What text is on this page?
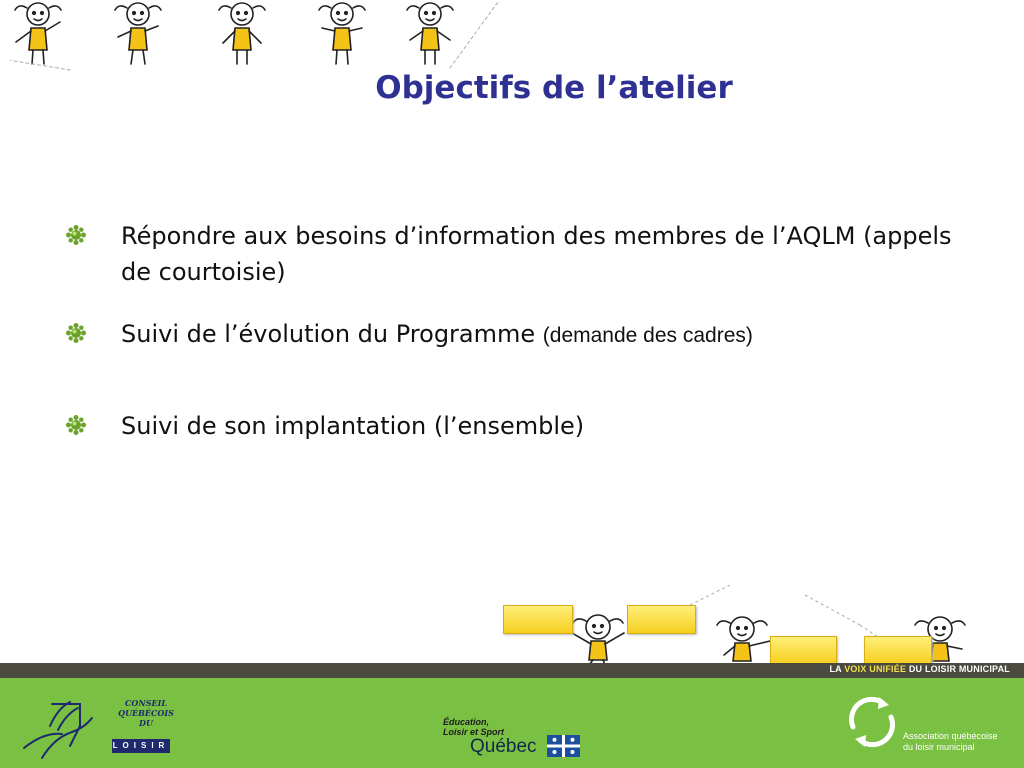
Objectifs de l’atelier
Répondre aux besoins d’information des membres de l’AQLM (appels de courtoisie)
Suivi de l’évolution du Programme (demande des cadres)
Suivi de son implantation (l’ensemble)
LA VOIX UNIFIÉE DU LOISIR MUNICIPAL
CONSEIL
QUÉBÉCOIS
DU
LOISIR
Éducation,
Loisir et Sport
Québec	Association québécoise
du loisir municipal
